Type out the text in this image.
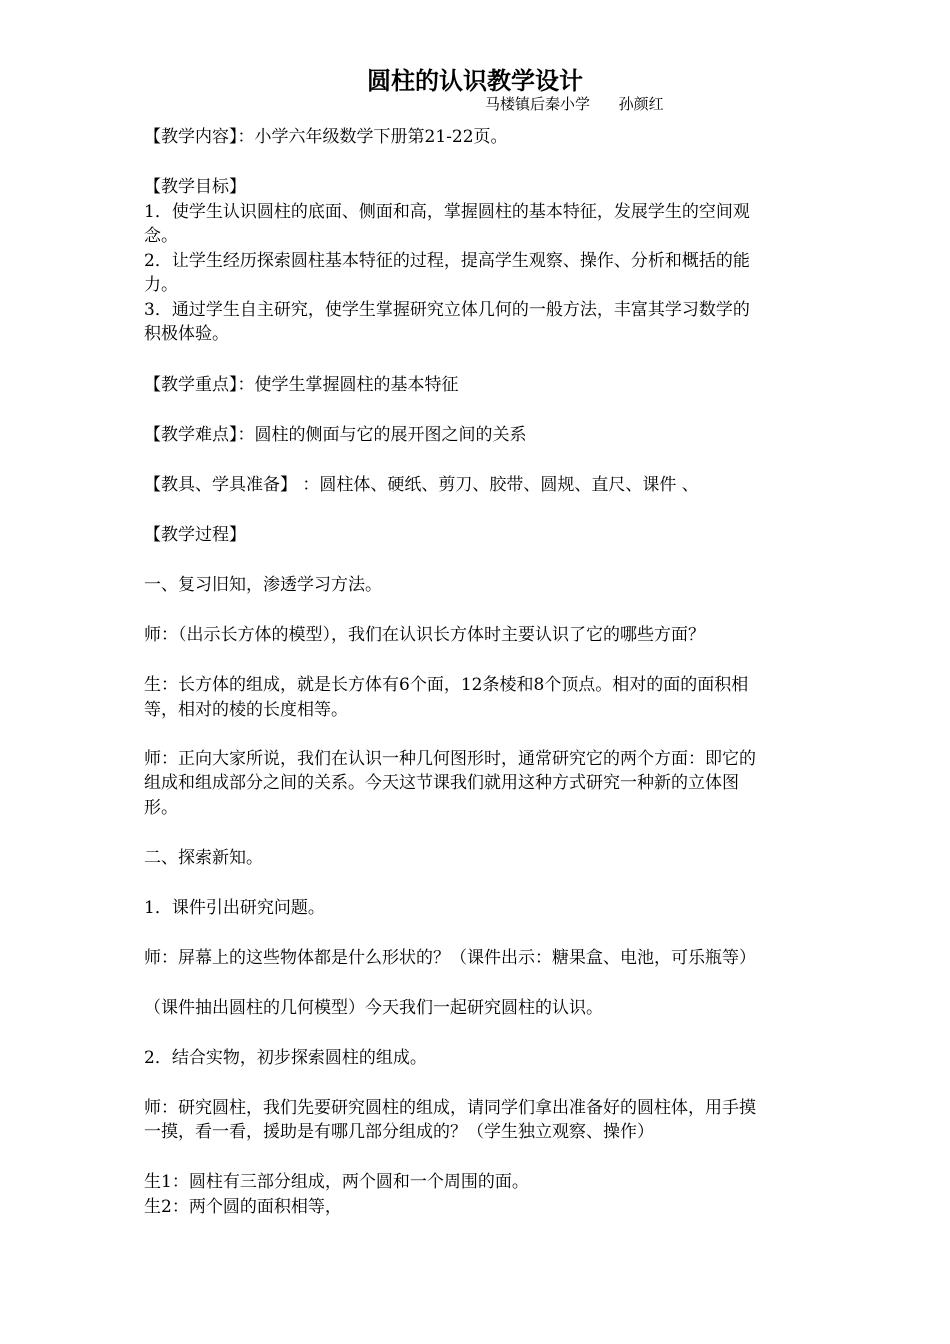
圆柱的认识教学设计
马楼镇后秦小学      孙颜红
【教学内容】：小学六年级数学下册第21-22页。
【教学目标】
1．使学生认识圆柱的底面、侧面和高，掌握圆柱的基本特征，发展学生的空间观
念。
2．让学生经历探索圆柱基本特征的过程，提高学生观察、操作、分析和概括的能
力。
3．通过学生自主研究，使学生掌握研究立体几何的一般方法，丰富其学习数学的
积极体验。
【教学重点】：使学生掌握圆柱的基本特征
【教学难点】：圆柱的侧面与它的展开图之间的关系
【教具、学具准备】 ：圆柱体、硬纸、剪刀、胶带、圆规、直尺、课件 、
【教学过程】
一、复习旧知，渗透学习方法。
师：（出示长方体的模型），我们在认识长方体时主要认识了它的哪些方面？
生：长方体的组成，就是长方体有6个面，12条棱和8个顶点。相对的面的面积相
等，相对的棱的长度相等。
师：正向大家所说，我们在认识一种几何图形时，通常研究它的两个方面：即它的
组成和组成部分之间的关系。今天这节课我们就用这种方式研究一种新的立体图
形。
二、探索新知。
1．课件引出研究问题。
师：屏幕上的这些物体都是什么形状的？（课件出示：糖果盒、电池，可乐瓶等）
（课件抽出圆柱的几何模型）今天我们一起研究圆柱的认识。
2．结合实物，初步探索圆柱的组成。
师：研究圆柱，我们先要研究圆柱的组成，请同学们拿出准备好的圆柱体，用手摸
一摸，看一看，援助是有哪几部分组成的？（学生独立观察、操作）
生1：圆柱有三部分组成，两个圆和一个周围的面。
生2：两个圆的面积相等，
